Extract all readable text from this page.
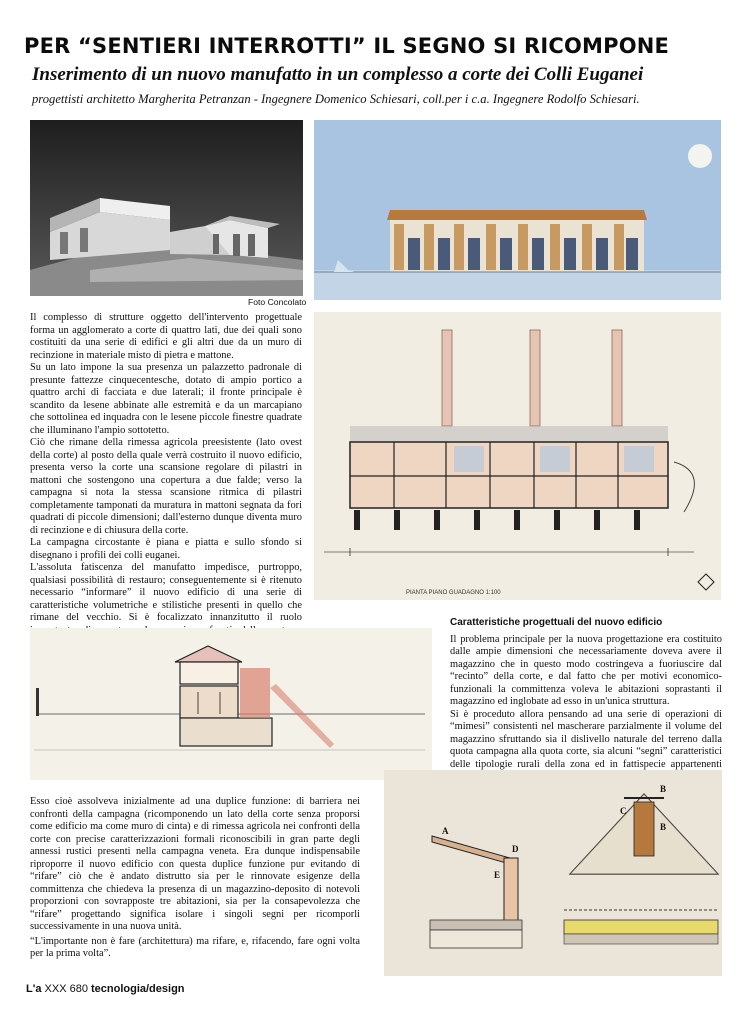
PER “SENTIERI INTERROTTI” IL SEGNO SI RICOMPONE
Inserimento di un nuovo manufatto in un complesso a corte dei Colli Euganei

progettisti architetto Margherita Petranzan - Ingegnere Domenico Schiesari, coll.per i c.a. Ingegnere Rodolfo Schiesari.

Foto Concolato
PIANTA PIANO GUADAGNO 1:100

Il complesso di strutture oggetto dell'intervento progettuale forma un agglomerato a corte di quattro lati, due dei quali sono costituiti da una serie di edifici e gli altri due da un muro di recinzione in materiale misto di pietra e mattone.

Su un lato impone la sua presenza un palazzetto padronale di presunte fattezze cinquecentesche, dotato di ampio portico a quattro archi di facciata e due laterali; il fronte principale è scandito da lesene abbinate alle estremità e da un marcapiano che sottolinea ed inquadra con le lesene piccole finestre quadrate che illuminano l'ampio sottotetto.

Ciò che rimane della rimessa agricola preesistente (lato ovest della corte) al posto della quale verrà costruito il nuovo edificio, presenta verso la corte una scansione regolare di pilastri in mattoni che sostengono una copertura a due falde; verso la campagna si nota la stessa scansione ritmica di pilastri completamente tamponati da muratura in mattoni segnata da fori quadrati di piccole dimensioni; dall'esterno dunque diventa muro di recinzione e di chiusura della corte.

La campagna circostante è piana e piatta e sullo sfondo si disegnano i profili dei colli euganei.

L'assoluta fatiscenza del manufatto impedisce, purtroppo, qualsiasi possibilità di restauro; conseguentemente si è ritenuto necessario “informare” il nuovo edificio di una serie di caratteristiche volumetriche e stilistiche presenti in quello che rimane del vecchio. Si è focalizzato innanzitutto il ruolo	Caratteristiche progettuali del nuovo edificio

Il problema principale per la nuova progettazione era costituito dalle ampie dimensioni che necessariamente doveva avere il magazzino che in questo modo costringeva a fuoriuscire dal “recinto” della corte, e dal fatto che per motivi economico-funzionali la committenza voleva le abitazioni soprastanti il magazzino ed inglobate ad esso in un'unica struttura.

Si è proceduto allora pensando ad una serie di operazioni di “mimesi” consistenti nel mascherare parzialmente il volume del magazzino sfruttando sia il dislivello naturale del terreno dalla quota campagna alla quota corte, sia alcuni “segni” caratteristici delle tipologie rurali della zona ed in fattispecie appartenenti

Esso cioè assolveva inizialmente ad una duplice funzione: di barriera nei confronti della campagna (ricomponendo un lato della corte senza proporsi come edificio ma come muro di cinta) e di rimessa agricola nei confronti della corte con precise caratterizzazioni formali riconoscibili in gran parte degli annessi rustici presenti nella campagna veneta. Era dunque indispensabile riproporre il nuovo edificio con questa duplice funzione pur evitando di “rifare” ciò che è andato distrutto sia per le rinnovate esigenze della committenza che chiedeva la presenza di un magazzino-deposito di notevoli proporzioni con sovrapposte tre abitazioni, sia per la consapevolezza che “rifare” progettando significa isolare i singoli segni per ricomporli successivamente in una nuova unità.

“L'importante non è fare (architettura) ma rifare, e, rifacendo, fare ogni volta per la prima volta”.

A
D
E
B
C
B
L'a XXX 680 tecnologia/design
